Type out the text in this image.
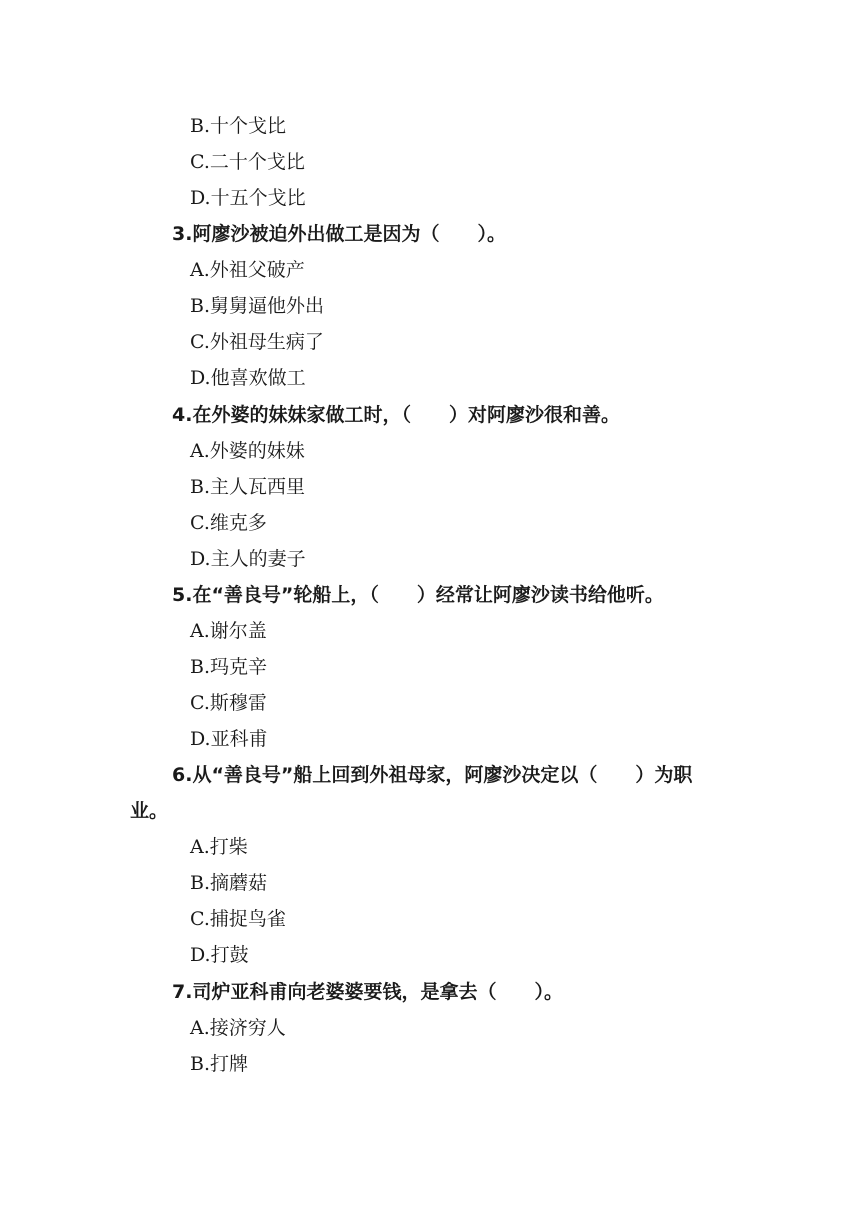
B.十个戈比
C.二十个戈比
D.十五个戈比
3.阿廖沙被迫外出做工是因为（　　）。
A.外祖父破产
B.舅舅逼他外出
C.外祖母生病了
D.他喜欢做工
4.在外婆的妹妹家做工时，（　　）对阿廖沙很和善。
A.外婆的妹妹
B.主人瓦西里
C.维克多
D.主人的妻子
5.在“善良号”轮船上，（　　）经常让阿廖沙读书给他听。
A.谢尔盖
B.玛克辛
C.斯穆雷
D.亚科甫
6.从“善良号”船上回到外祖母家，阿廖沙决定以（　　）为职
业。
A.打柴
B.摘蘑菇
C.捕捉鸟雀
D.打鼓
7.司炉亚科甫向老婆婆要钱，是拿去（　　）。
A.接济穷人
B.打牌
